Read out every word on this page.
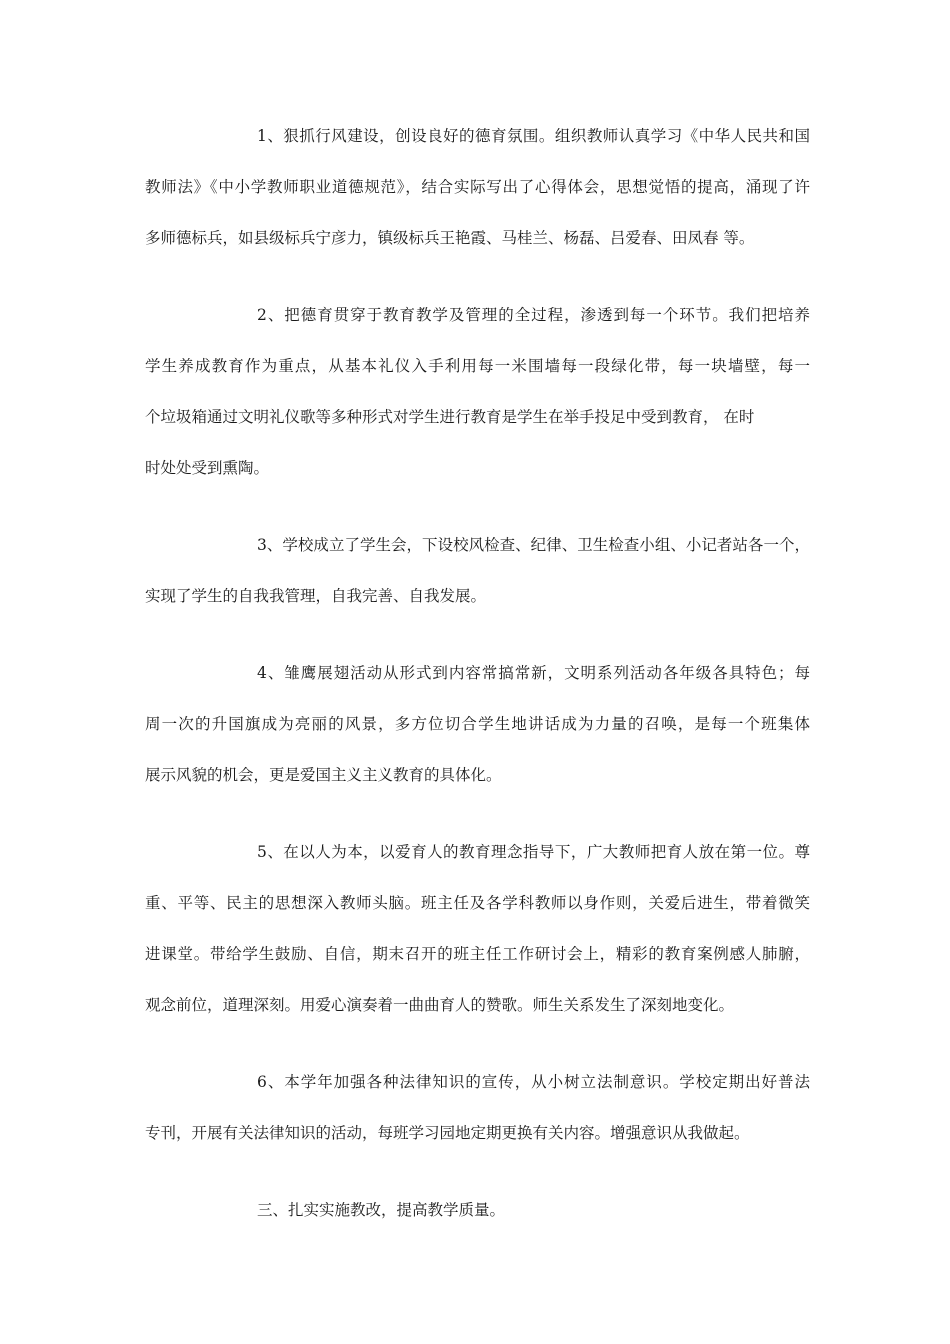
1、狠抓行风建设，创设良好的德育氛围。组织教师认真学习《中华人民共和国
教师法》《中小学教师职业道德规范》，结合实际写出了心得体会，思想觉悟的提高，涌现了许
多师德标兵，如县级标兵宁彦力，镇级标兵王艳霞、马桂兰、杨磊、吕爱春、田凤春 等。
2、把德育贯穿于教育教学及管理的全过程，渗透到每一个环节。我们把培养
学生养成教育作为重点，从基本礼仪入手利用每一米围墙每一段绿化带，每一块墙壁，每一
个垃圾箱通过文明礼仪歌等多种形式对学生进行教育是学生在举手投足中受到教育， 在时
时处处受到熏陶。
3、学校成立了学生会，下设校风检查、纪律、卫生检查小组、小记者站各一个，
实现了学生的自我我管理，自我完善、自我发展。
4、雏鹰展翅活动从形式到内容常搞常新，文明系列活动各年级各具特色；每
周一次的升国旗成为亮丽的风景，多方位切合学生地讲话成为力量的召唤，是每一个班集体
展示风貌的机会，更是爱国主义主义教育的具体化。
5、在以人为本，以爱育人的教育理念指导下，广大教师把育人放在第一位。尊
重、平等、民主的思想深入教师头脑。班主任及各学科教师以身作则，关爱后进生，带着微笑
进课堂。带给学生鼓励、自信，期末召开的班主任工作研讨会上，精彩的教育案例感人肺腑，
观念前位，道理深刻。用爱心演奏着一曲曲育人的赞歌。师生关系发生了深刻地变化。
6、本学年加强各种法律知识的宣传，从小树立法制意识。学校定期出好普法
专刊，开展有关法律知识的活动，每班学习园地定期更换有关内容。增强意识从我做起。
三、扎实实施教改，提高教学质量。
